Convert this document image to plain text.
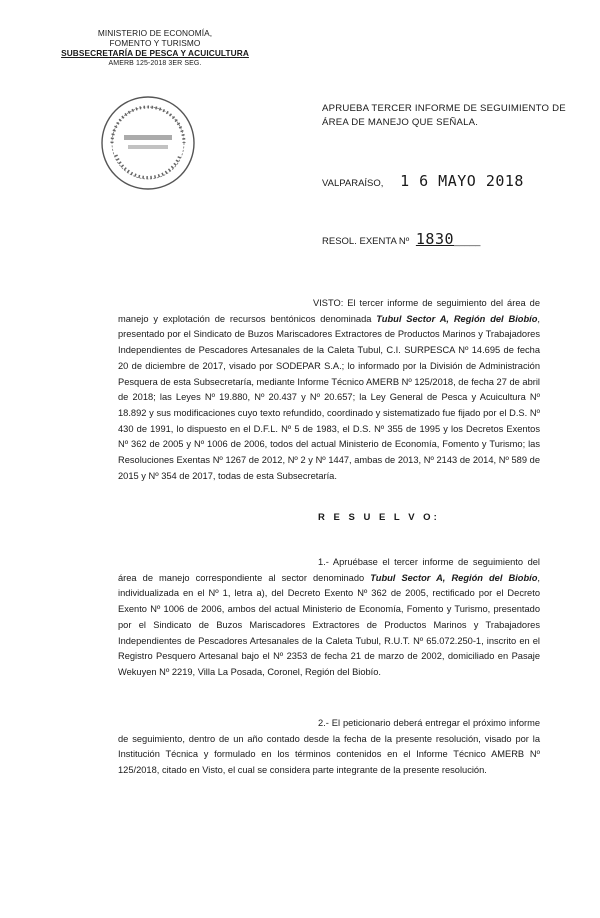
MINISTERIO DE ECONOMÍA,
FOMENTO Y TURISMO
SUBSECRETARÍA DE PESCA Y ACUICULTURA
AMERB 125-2018 3ER SEG.
APRUEBA TERCER INFORME DE SEGUIMIENTO DE
ÁREA DE MANEJO QUE SEÑALA.
VALPARAÍSO, 1 6 MAYO 2018
RESOL. EXENTA Nº 1830_____
VISTO: El tercer informe de seguimiento del área de manejo y explotación de recursos bentónicos denominada Tubul Sector A, Región del Biobío, presentado por el Sindicato de Buzos Mariscadores Extractores de Productos Marinos y Trabajadores Independientes de Pescadores Artesanales de la Caleta Tubul, C.I. SURPESCA Nº 14.695 de fecha 20 de diciembre de 2017, visado por SODEPAR S.A.; lo informado por la División de Administración Pesquera de esta Subsecretaría, mediante Informe Técnico AMERB Nº 125/2018, de fecha 27 de abril de 2018; las Leyes Nº 19.880, Nº 20.437 y Nº 20.657; la Ley General de Pesca y Acuicultura Nº 18.892 y sus modificaciones cuyo texto refundido, coordinado y sistematizado fue fijado por el D.S. Nº 430 de 1991, lo dispuesto en el D.F.L. Nº 5 de 1983, el D.S. Nº 355 de 1995 y los Decretos Exentos Nº 362 de 2005 y Nº 1006 de 2006, todos del actual Ministerio de Economía, Fomento y Turismo; las Resoluciones Exentas Nº 1267 de 2012, Nº 2 y Nº 1447, ambas de 2013, Nº 2143 de 2014, Nº 589 de 2015 y Nº 354 de 2017, todas de esta Subsecretaría.
R E S U E L V O:
1.- Apruébase el tercer informe de seguimiento del área de manejo correspondiente al sector denominado Tubul Sector A, Región del Biobío, individualizada en el Nº 1, letra a), del Decreto Exento Nº 362 de 2005, rectificado por el Decreto Exento Nº 1006 de 2006, ambos del actual Ministerio de Economía, Fomento y Turismo, presentado por el Sindicato de Buzos Mariscadores Extractores de Productos Marinos y Trabajadores Independientes de Pescadores Artesanales de la Caleta Tubul, R.U.T. Nº 65.072.250-1, inscrito en el Registro Pesquero Artesanal bajo el Nº 2353 de fecha 21 de marzo de 2002, domiciliado en Pasaje Wekuyen Nº 2219, Villa La Posada, Coronel, Región del Biobío.
2.- El peticionario deberá entregar el próximo informe de seguimiento, dentro de un año contado desde la fecha de la presente resolución, visado por la Institución Técnica y formulado en los términos contenidos en el Informe Técnico AMERB Nº 125/2018, citado en Visto, el cual se considera parte integrante de la presente resolución.
